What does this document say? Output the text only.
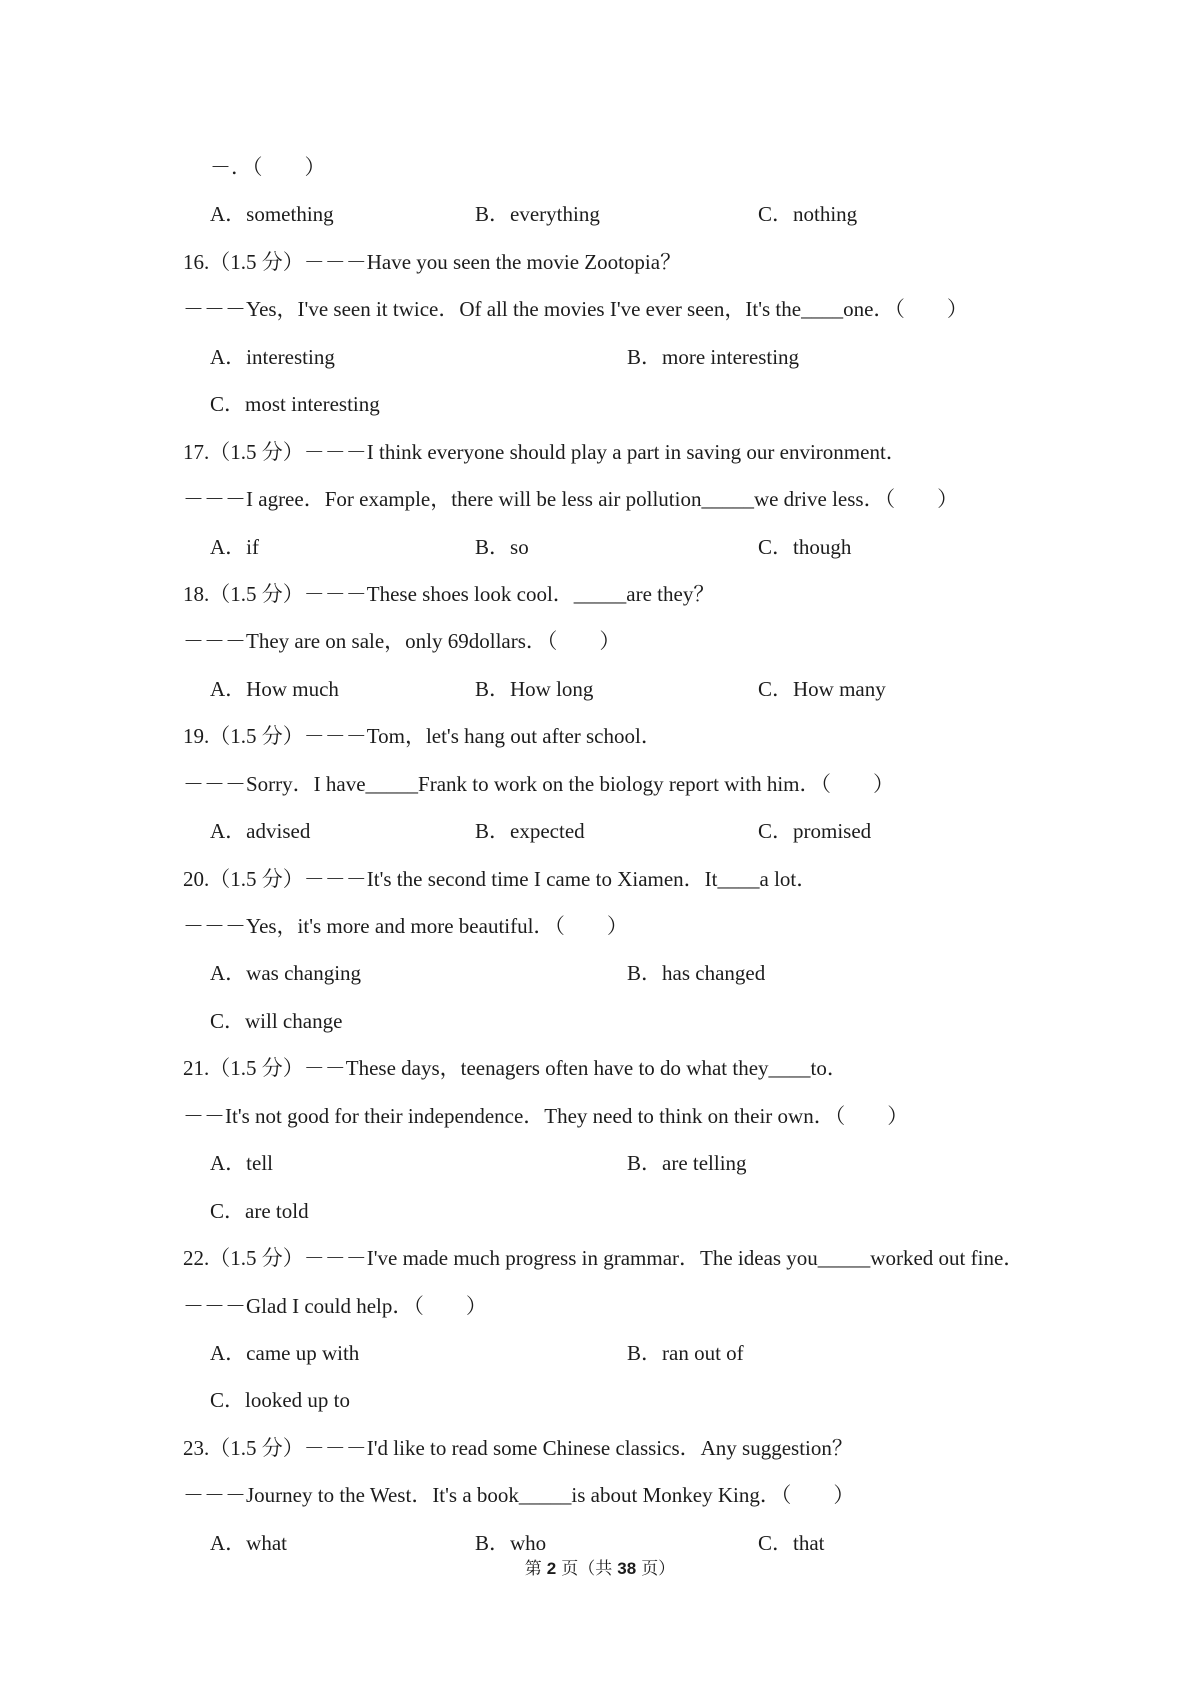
－．（　　）
A．something	B．everything	C．nothing
16.（1.5 分）－－－Have you seen the movie Zootopia？
－－－Yes，I've seen it twice．Of all the movies I've ever seen，It's the____one．（　　）
A．interesting	B．more interesting
C．most interesting
17.（1.5 分）－－－I think everyone should play a part in saving our environment．
－－－I agree．For example，there will be less air pollution_____we drive less．（　　）
A．if	B．so	C．though
18.（1.5 分）－－－These shoes look cool．_____are they？
－－－They are on sale，only 69dollars．（　　）
A．How much	B．How long	C．How many
19.（1.5 分）－－－Tom，let's hang out after school．
－－－Sorry．I have_____Frank to work on the biology report with him．（　　）
A．advised	B．expected	C．promised
20.（1.5 分）－－－It's the second time I came to Xiamen．It____a lot．
－－－Yes，it's more and more beautiful．（　　）
A．was changing	B．has changed
C．will change
21.（1.5 分）－－These days，teenagers often have to do what they____to．
－－It's not good for their independence．They need to think on their own．（　　）
A．tell	B．are telling
C．are told
22.（1.5 分）－－－I've made much progress in grammar．The ideas you_____worked out fine．
－－－Glad I could help．（　　）
A．came up with	B．ran out of
C．looked up to
23.（1.5 分）－－－I'd like to read some Chinese classics．Any suggestion？
－－－Journey to the West．It's a book_____is about Monkey King．（　　）
A．what	B．who	C．that
第 2 页（共 38 页）
